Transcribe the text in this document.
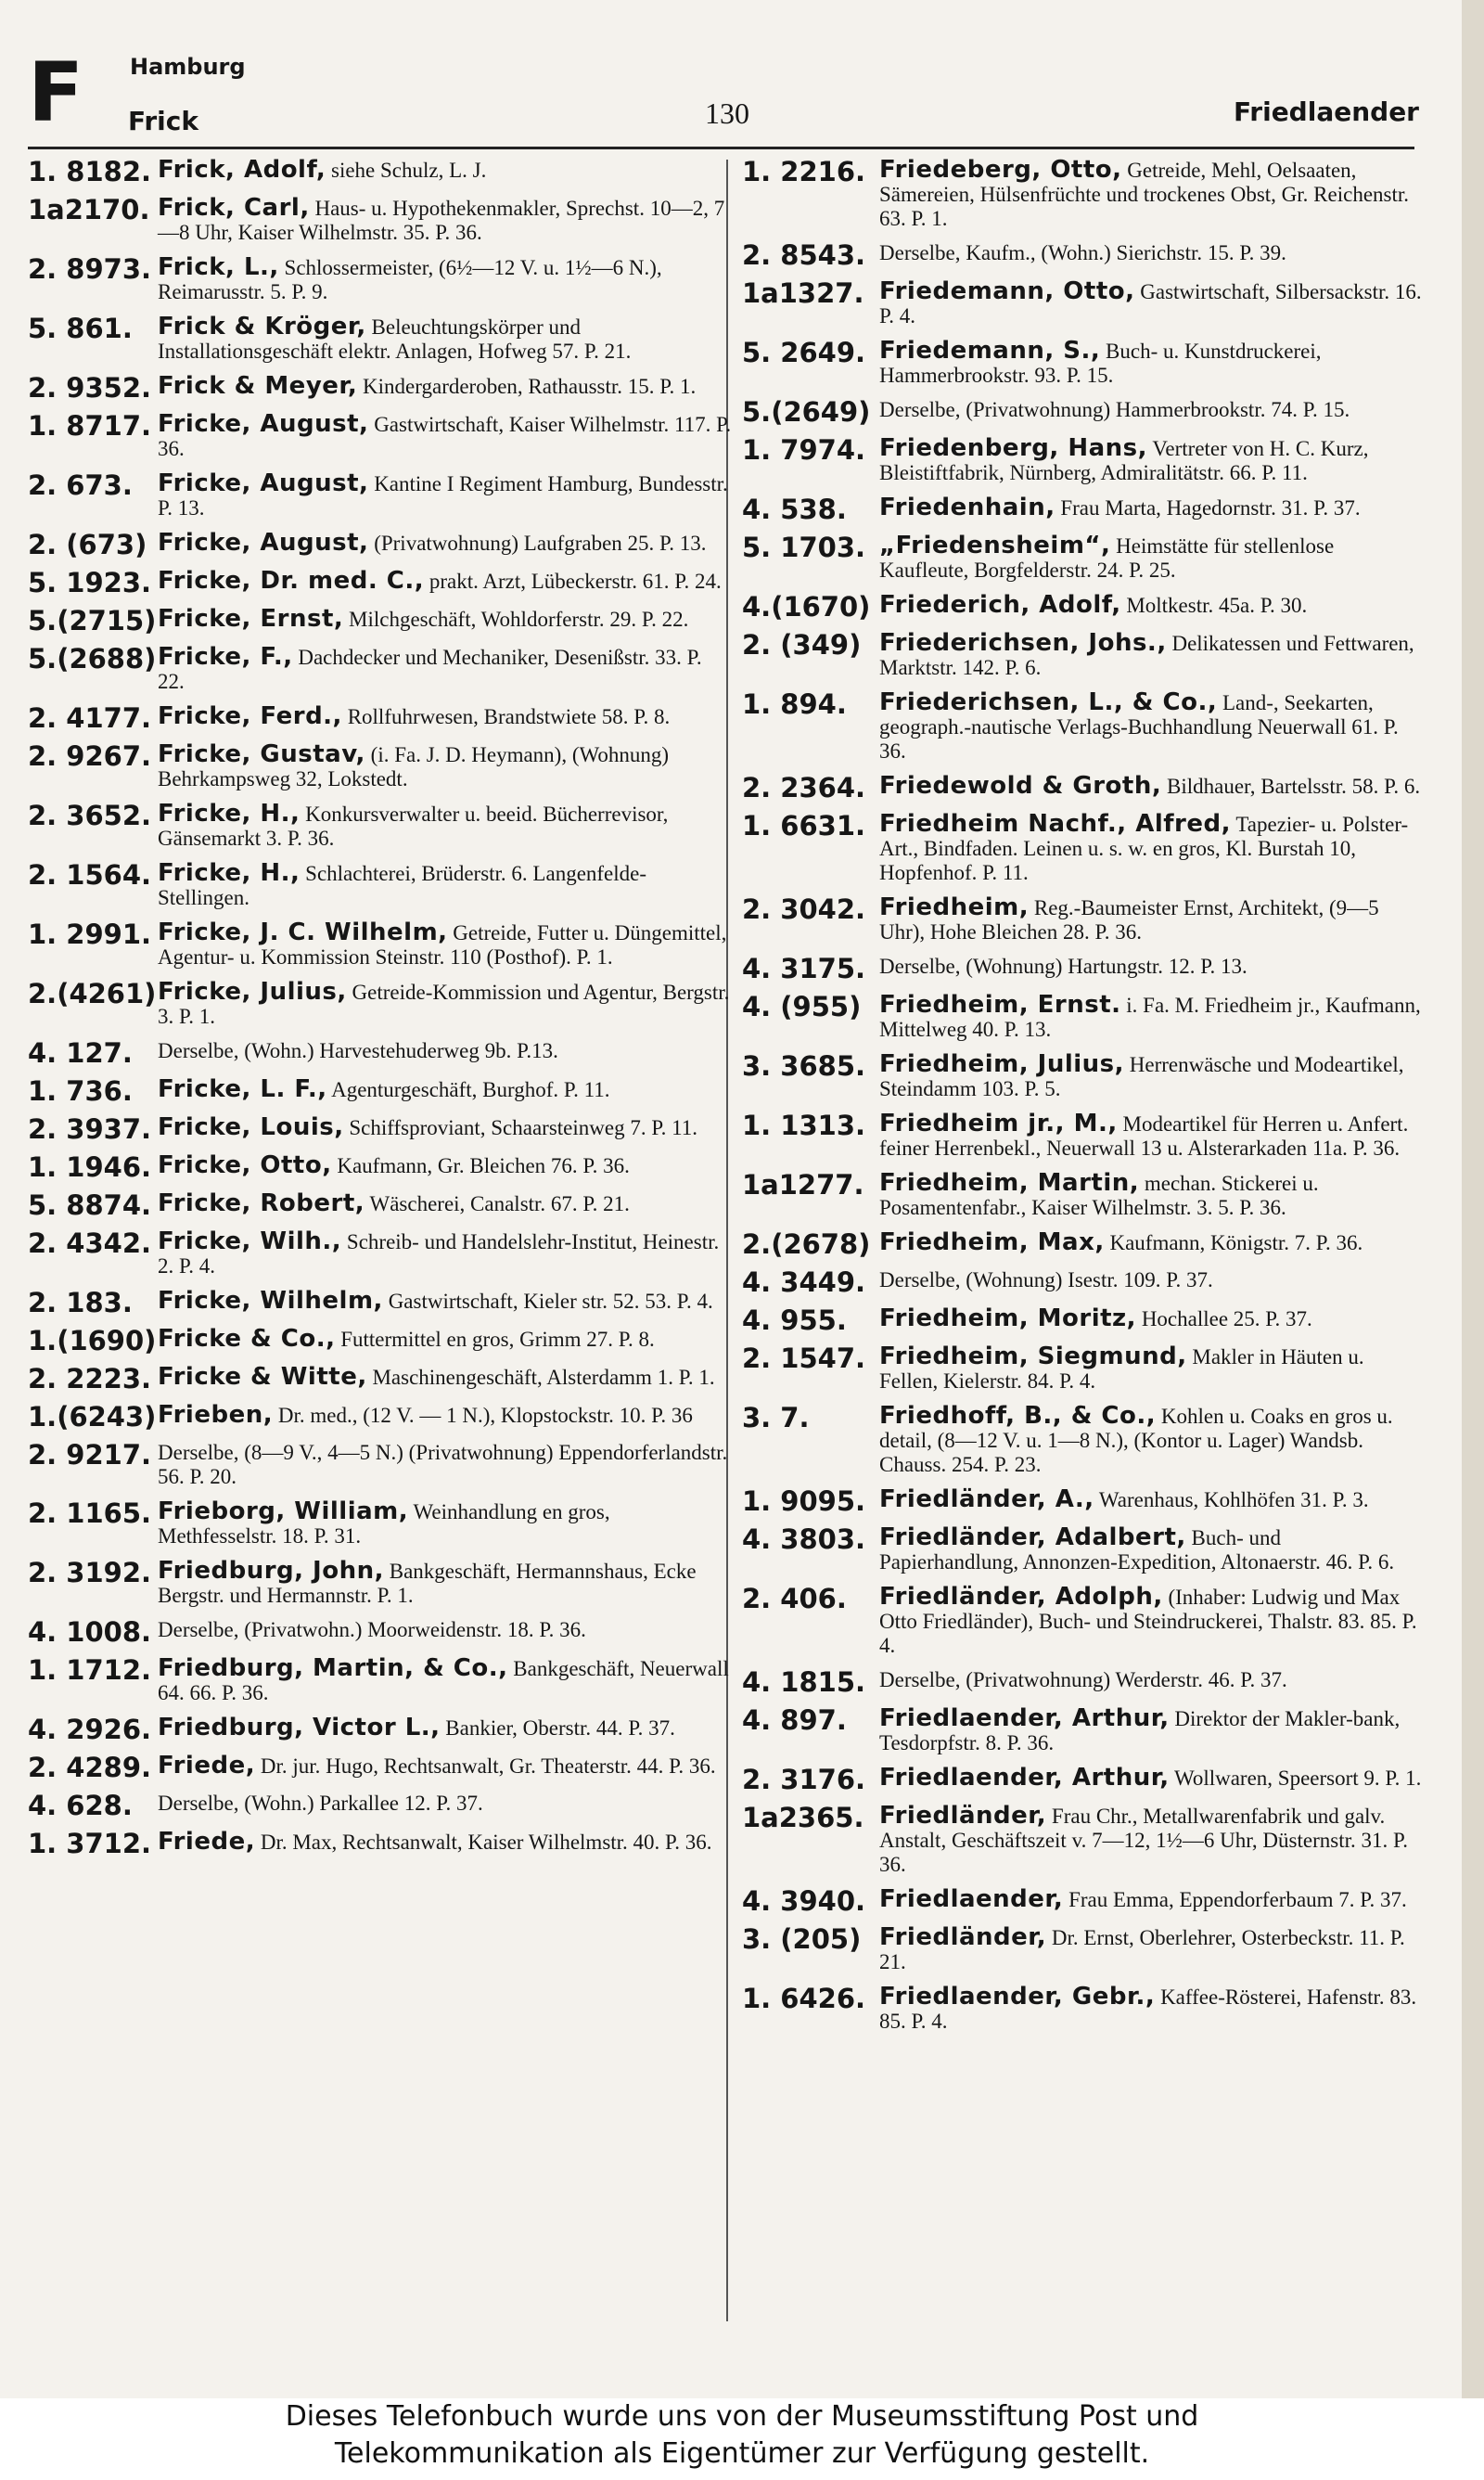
F Hamburg
Frick	130	Friedlaender
1. 8182. Frick, Adolf, siehe Schulz, L. J.
1a2170. Frick, Carl, Haus- u. Hypothekenmakler, Sprechst. 10—2, 7—8 Uhr, Kaiser Wilhelmstr. 35. P. 36.
2. 8973. Frick, L., Schlossermeister, (6½—12 V. u. 1½—6 N.), Reimarusstr. 5. P. 9.
5. 861.	Frick & Kröger, Beleuchtungskörper und Installationsgeschäft elektr. Anlagen, Hofweg 57. P. 21.
2. 9352. Frick & Meyer, Kindergarderoben, Rathausstr. 15. P. 1.
1. 8717. Fricke, August, Gastwirtschaft, Kaiser Wilhelmstr. 117. P. 36.
2. 673.	Fricke, August, Kantine I Regiment Hamburg, Bundesstr. P. 13.
2. (673) Fricke, August, (Privatwohnung) Laufgraben 25. P. 13.
5. 1923. Fricke, Dr. med. C., prakt. Arzt, Lübeckerstr. 61. P. 24.
5.(2715) Fricke, Ernst, Milchgeschäft, Wohldorferstr. 29. P. 22.
5.(2688) Fricke, F., Dachdecker und Mechaniker, Desenißstr. 33. P. 22.
2. 4177. Fricke, Ferd., Rollfuhrwesen, Brandstwiete 58. P. 8.
2. 9267. Fricke, Gustav, (i. Fa. J. D. Heymann), (Wohnung) Behrkampsweg 32, Lokstedt.
2. 3652. Fricke, H., Konkursverwalter u. beeid. Bücherrevisor, Gänsemarkt 3. P. 36.
2. 1564. Fricke, H., Schlachterei, Brüderstr. 6. Langenfelde-Stellingen.
1. 2991. Fricke, J. C. Wilhelm, Getreide, Futter u. Düngemittel, Agentur- u. Kommission Steinstr. 110 (Posthof). P. 1.
2.(4261) Fricke, Julius, Getreide-Kommission und Agentur, Bergstr. 3. P. 1.
4. 127.	Derselbe, (Wohn.) Harvestehuderweg 9b. P.13.
1. 736.	Fricke, L. F., Agenturgeschäft, Burghof. P. 11.
2. 3937. Fricke, Louis, Schiffsproviant, Schaarsteinweg 7. P. 11.
1. 1946. Fricke, Otto, Kaufmann, Gr. Bleichen 76. P. 36.
5. 8874. Fricke, Robert, Wäscherei, Canalstr. 67. P. 21.
2. 4342. Fricke, Wilh., Schreib- und Handelslehr-Institut, Heinestr. 2. P. 4.
2. 183.	Fricke, Wilhelm, Gastwirtschaft, Kieler str. 52. 53. P. 4.
1.(1690) Fricke & Co., Futtermittel en gros, Grimm 27. P. 8.
2. 2223. Fricke & Witte, Maschinengeschäft, Alsterdamm 1. P. 1.
1.(6243) Frieben, Dr. med., (12 V. — 1 N.), Klopstockstr. 10. P. 36
2. 9217. Derselbe, (8—9 V., 4—5 N.) (Privatwohnung) Eppendorferlandstr. 56. P. 20.
2. 1165. Frieborg, William, Weinhandlung en gros, Methfesselstr. 18. P. 31.
2. 3192. Friedburg, John, Bankgeschäft, Hermannshaus, Ecke Bergstr. und Hermannstr. P. 1.
4. 1008. Derselbe, (Privatwohn.) Moorweidenstr. 18. P. 36.
1. 1712. Friedburg, Martin, & Co., Bankgeschäft, Neuerwall 64. 66. P. 36.
4. 2926. Friedburg, Victor L., Bankier, Oberstr. 44. P. 37.
2. 4289. Friede, Dr. jur. Hugo, Rechtsanwalt, Gr. Theaterstr. 44. P. 36.
4. 628.	Derselbe, (Wohn.) Parkallee 12. P. 37.
1. 3712. Friede, Dr. Max, Rechtsanwalt, Kaiser Wilhelmstr. 40. P. 36.
1. 2216. Friedeberg, Otto, Getreide, Mehl, Oelsaaten, Sämereien, Hülsenfrüchte und trockenes Obst, Gr. Reichenstr. 63. P. 1.
2. 8543. Derselbe, Kaufm., (Wohn.) Sierichstr. 15. P. 39.
1a1327. Friedemann, Otto, Gastwirtschaft, Silbersackstr. 16. P. 4.
5. 2649. Friedemann, S., Buch- u. Kunstdruckerei, Hammerbrookstr. 93. P. 15.
5.(2649) Derselbe, (Privatwohnung) Hammerbrookstr. 74. P. 15.
1. 7974. Friedenberg, Hans, Vertreter von H. C. Kurz, Bleistiftfabrik, Nürnberg, Admiralitätstr. 66. P. 11.
4. 538.	Friedenhain, Frau Marta, Hagedornstr. 31. P. 37.
5. 1703. „Friedensheim“, Heimstätte für stellenlose Kaufleute, Borgfelderstr. 24. P. 25.
4.(1670) Friederich, Adolf, Moltkestr. 45a. P. 30.
2. (349) Friederichsen, Johs., Delikatessen und Fettwaren, Marktstr. 142. P. 6.
1. 894.	Friederichsen, L., & Co., Land-, Seekarten, geograph.-nautische Verlags-Buchhandlung Neuerwall 61. P. 36.
2. 2364. Friedewold & Groth, Bildhauer, Bartelsstr. 58. P. 6.
1. 6631. Friedheim Nachf., Alfred, Tapezier- u. Polster-Art., Bindfaden. Leinen u. s. w. en gros, Kl. Burstah 10, Hopfenhof. P. 11.
2. 3042. Friedheim, Reg.-Baumeister Ernst, Architekt, (9—5 Uhr), Hohe Bleichen 28. P. 36.
4. 3175. Derselbe, (Wohnung) Hartungstr. 12. P. 13.
4. (955) Friedheim, Ernst. i. Fa. M. Friedheim jr., Kaufmann, Mittelweg 40. P. 13.
3. 3685. Friedheim, Julius, Herrenwäsche und Modeartikel, Steindamm 103. P. 5.
1. 1313. Friedheim jr., M., Modeartikel für Herren u. Anfert. feiner Herrenbekl., Neuerwall 13 u. Alsterarkaden 11a. P. 36.
1a1277. Friedheim, Martin, mechan. Stickerei u. Posamentenfabr., Kaiser Wilhelmstr. 3. 5. P. 36.
2.(2678) Friedheim, Max, Kaufmann, Königstr. 7. P. 36.
4. 3449. Derselbe, (Wohnung) Isestr. 109. P. 37.
4. 955.	Friedheim, Moritz, Hochallee 25. P. 37.
2. 1547. Friedheim, Siegmund, Makler in Häuten u. Fellen, Kielerstr. 84. P. 4.
3. 7.	Friedhoff, B., & Co., Kohlen u. Coaks en gros u. detail, (8—12 V. u. 1—8 N.), (Kontor u. Lager) Wandsb. Chauss. 254. P. 23.
1. 9095. Friedländer, A., Warenhaus, Kohlhöfen 31. P. 3.
4. 3803. Friedländer, Adalbert, Buch- und Papierhandlung, Annonzen-Expedition, Altonaerstr. 46. P. 6.
2. 406.	Friedländer, Adolph, (Inhaber: Ludwig und Max Otto Friedländer), Buch- und Steindruckerei, Thalstr. 83. 85. P. 4.
4. 1815. Derselbe, (Privatwohnung) Werderstr. 46. P. 37.
4. 897.	Friedlaender, Arthur, Direktor der Makler-bank, Tesdorpfstr. 8. P. 36.
2. 3176. Friedlaender, Arthur, Wollwaren, Speersort 9. P. 1.
1a2365. Friedländer, Frau Chr., Metallwarenfabrik und galv. Anstalt, Geschäftszeit v. 7—12, 1½—6 Uhr, Düsternstr. 31. P. 36.
4. 3940. Friedlaender, Frau Emma, Eppendorferbaum 7. P. 37.
3. (205) Friedländer, Dr. Ernst, Oberlehrer, Osterbeckstr. 11. P. 21.
1. 6426. Friedlaender, Gebr., Kaffee-Rösterei, Hafenstr. 83. 85. P. 4.
Dieses Telefonbuch wurde uns von der Museumsstiftung Post und
Telekommunikation als Eigentümer zur Verfügung gestellt.
